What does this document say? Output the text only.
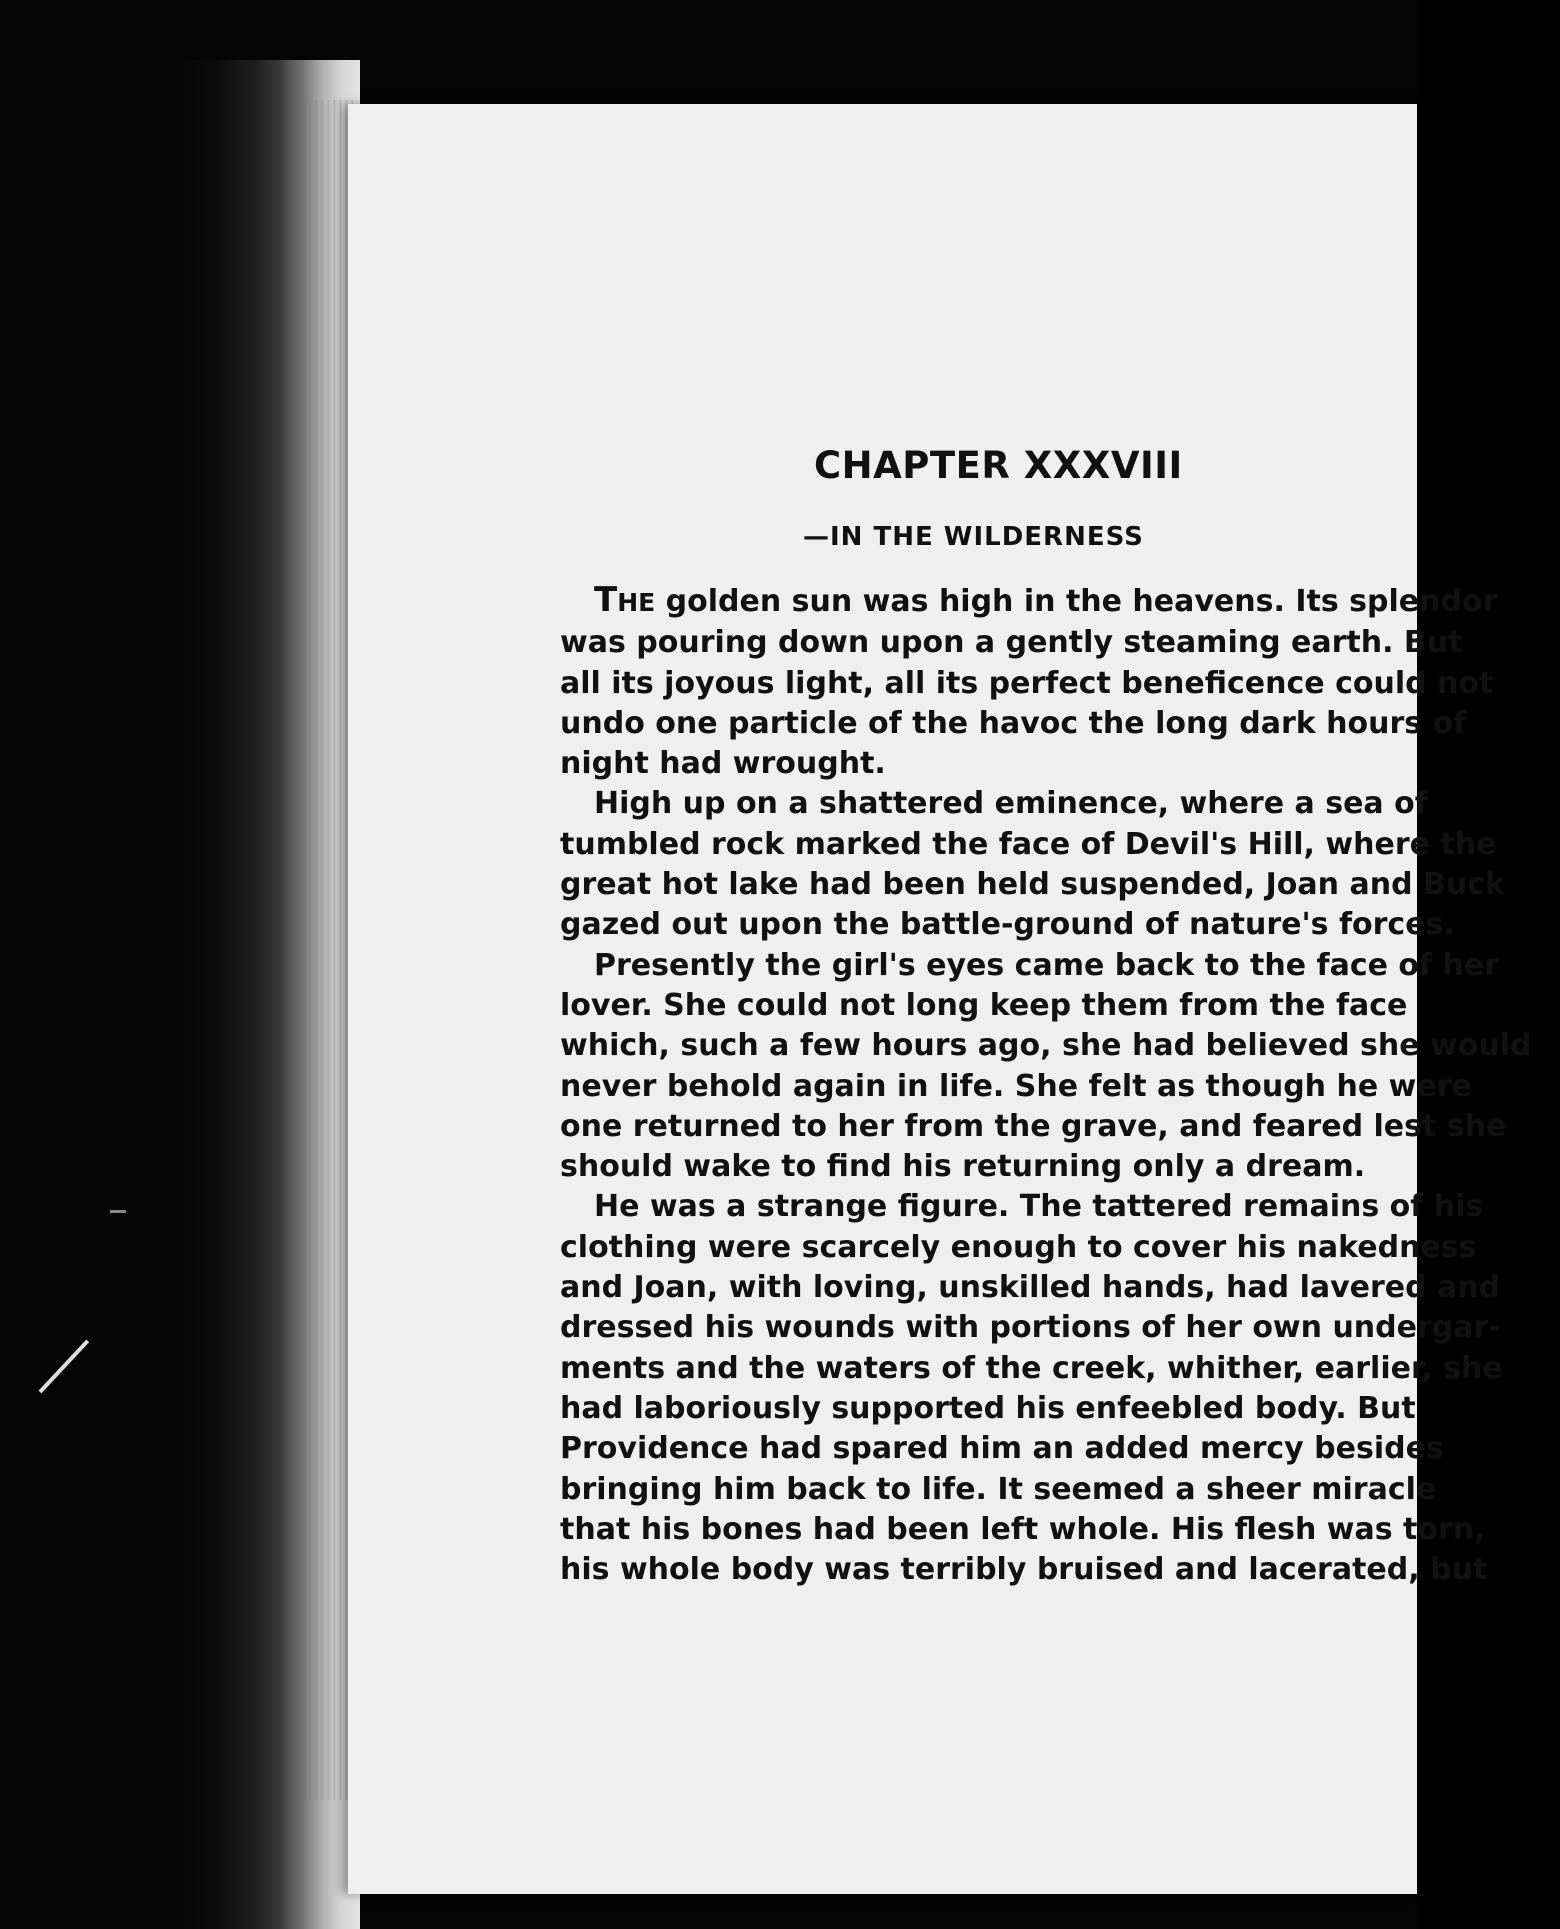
CHAPTER XXXVIII
—IN THE WILDERNESS
THE golden sun was high in the heavens. Its splendor
was pouring down upon a gently steaming earth. But
all its joyous light, all its perfect beneficence could not
undo one particle of the havoc the long dark hours of
night had wrought.
High up on a shattered eminence, where a sea of
tumbled rock marked the face of Devil's Hill, where the
great hot lake had been held suspended, Joan and Buck
gazed out upon the battle-ground of nature's forces.
Presently the girl's eyes came back to the face of her
lover. She could not long keep them from the face
which, such a few hours ago, she had believed she would
never behold again in life. She felt as though he were
one returned to her from the grave, and feared lest she
should wake to find his returning only a dream.
He was a strange figure. The tattered remains of his
clothing were scarcely enough to cover his nakedness
and Joan, with loving, unskilled hands, had lavered and
dressed his wounds with portions of her own undergar-
ments and the waters of the creek, whither, earlier, she
had laboriously supported his enfeebled body. But
Providence had spared him an added mercy besides
bringing him back to life. It seemed a sheer miracle
that his bones had been left whole. His flesh was torn,
his whole body was terribly bruised and lacerated, but
